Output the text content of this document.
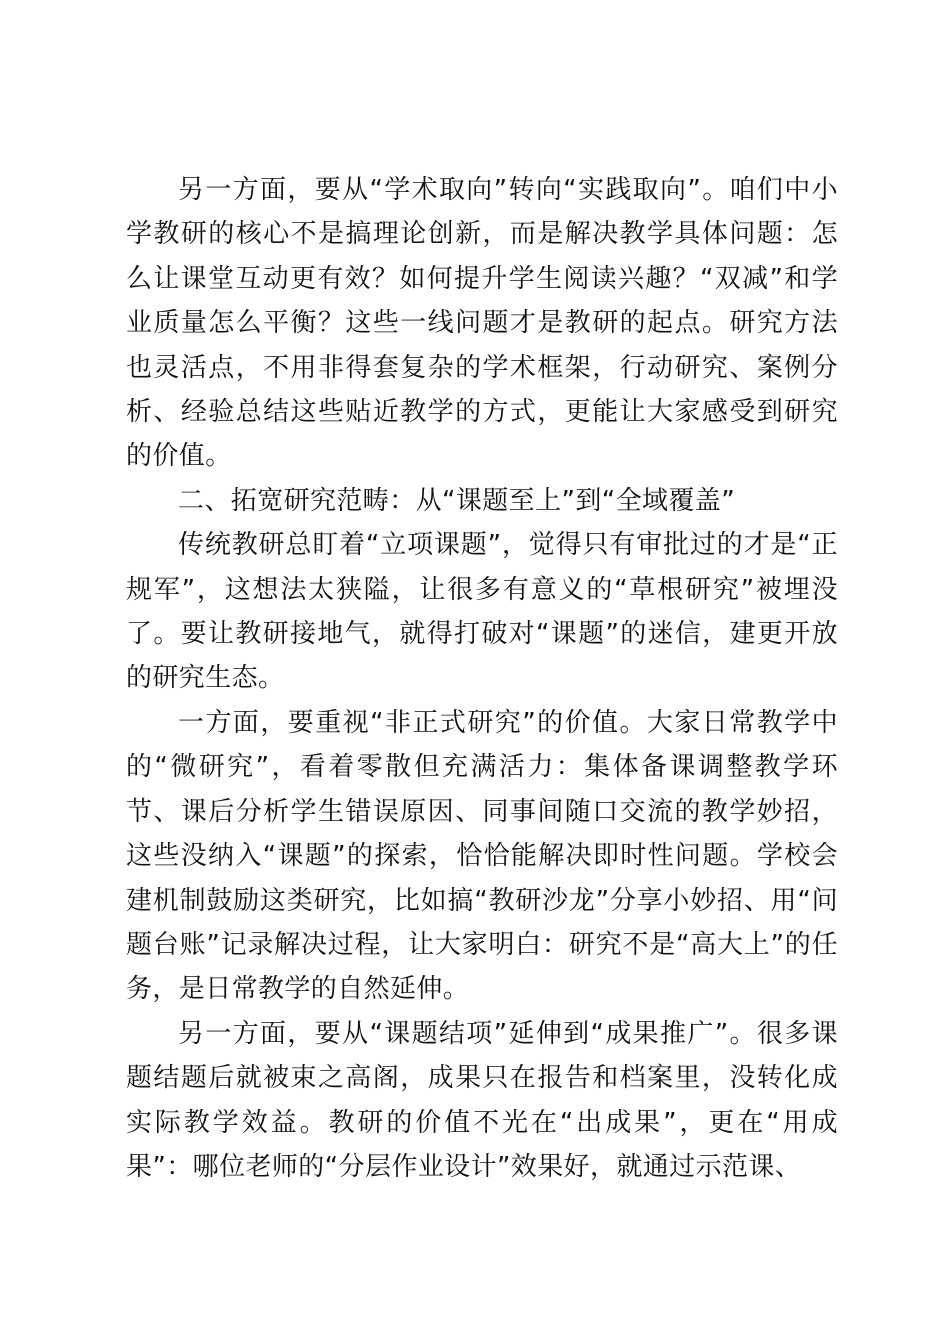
另一方面，要从“学术取向”转向“实践取向”。咱们中小学教研的核心不是搞理论创新，而是解决教学具体问题：怎么让课堂互动更有效？如何提升学生阅读兴趣？“双减”和学业质量怎么平衡？这些一线问题才是教研的起点。研究方法也灵活点，不用非得套复杂的学术框架，行动研究、案例分析、经验总结这些贴近教学的方式，更能让大家感受到研究的价值。

二、拓宽研究范畴：从“课题至上”到“全域覆盖”

传统教研总盯着“立项课题”，觉得只有审批过的才是“正规军”，这想法太狭隘，让很多有意义的“草根研究”被埋没了。要让教研接地气，就得打破对“课题”的迷信，建更开放的研究生态。

一方面，要重视“非正式研究”的价值。大家日常教学中的“微研究”，看着零散但充满活力：集体备课调整教学环节、课后分析学生错误原因、同事间随口交流的教学妙招，这些没纳入“课题”的探索，恰恰能解决即时性问题。学校会建机制鼓励这类研究，比如搞“教研沙龙”分享小妙招、用“问题台账”记录解决过程，让大家明白：研究不是“高大上”的任务，是日常教学的自然延伸。

另一方面，要从“课题结项”延伸到“成果推广”。很多课题结题后就被束之高阁，成果只在报告和档案里，没转化成实际教学效益。教研的价值不光在“出成果”，更在“用成果”：哪位老师的“分层作业设计”效果好，就通过示范课、
